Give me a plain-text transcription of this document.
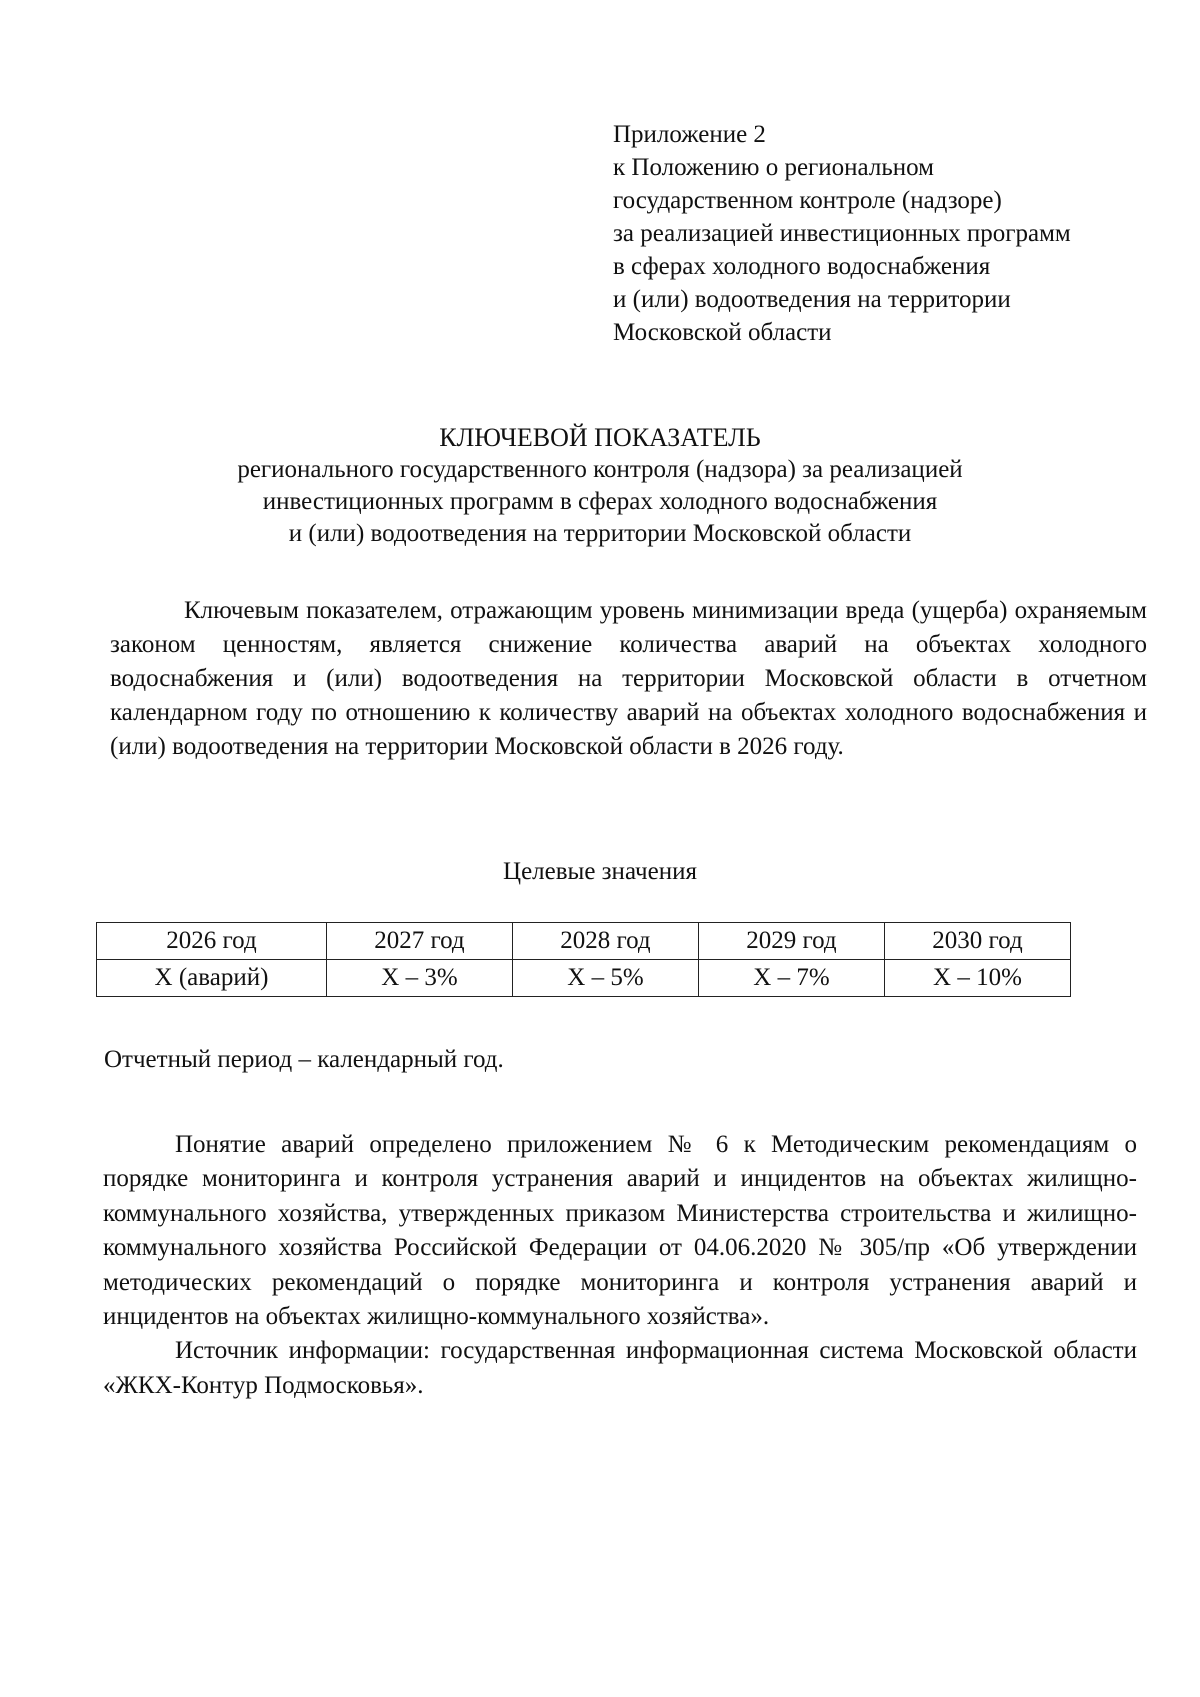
Приложение 2
к Положению о региональном
государственном контроле (надзоре)
за реализацией инвестиционных программ
в сферах холодного водоснабжения
и (или) водоотведения на территории
Московской области
КЛЮЧЕВОЙ ПОКАЗАТЕЛЬ
регионального государственного контроля (надзора) за реализацией
инвестиционных программ в сферах холодного водоснабжения
и (или) водоотведения на территории Московской области

Ключевым показателем, отражающим уровень минимизации вреда (ущерба) охраняемым законом ценностям, является снижение количества аварий на объектах холодного водоснабжения и (или) водоотведения на территории Московской области в отчетном календарном году по отношению к количеству аварий на объектах холодного водоснабжения и (или) водоотведения на территории Московской области в 2026 году.

Целевые значения
2026 год	2027 год	2028 год	2029 год	2030 год
Х (аварий)	Х – 3%	Х – 5%	Х – 7%	Х – 10%
Отчетный период – календарный год.

Понятие аварий определено приложением № 6 к Методическим рекомендациям о порядке мониторинга и контроля устранения аварий и инцидентов на объектах жилищно-коммунального хозяйства, утвержденных приказом Министерства строительства и жилищно-коммунального хозяйства Российской Федерации от 04.06.2020 № 305/пр «Об утверждении методических рекомендаций о порядке мониторинга и контроля устранения аварий и инцидентов на объектах жилищно-коммунального хозяйства».

Источник информации: государственная информационная система Московской области «ЖКХ-Контур Подмосковья».
